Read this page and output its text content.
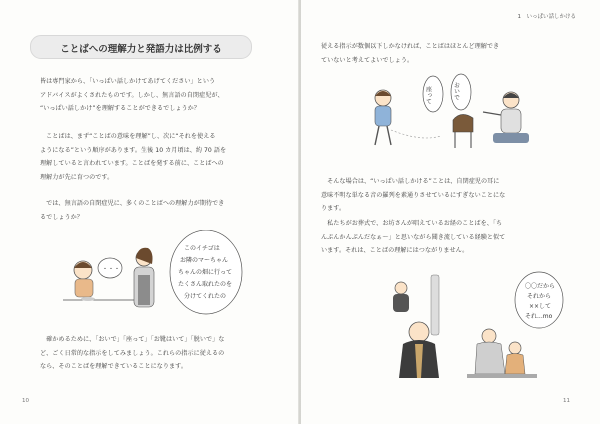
ことばへの理解力と発語力は比例する
皆は専門家から、「いっぱい話しかけてあげてください」という
アドバイスがよくされたものです。しかし、無言語の自閉症児が、
“いっぱい話しかけ”を理解することができるでしょうか？
　ことばは、まず“ことばの意味を理解”し、次に“それを使える
ようになる”という順序があります。生後 10 カ月頃は、約 70 語を
理解していると言われています。ことばを発する前に、ことばへの
理解力が先に育つのです。
　では、無言語の自閉症児に、多くのことばへの理解力が期待でき
るでしょうか？
・・・
このイチゴは
お隣のマーちゃん
ちゃんの畑に行って
たくさん取れたのを
分けてくれたの
　確かめるために、「おいで」「座って」「お靴はいて」「脱いで」な
ど、ごく日常的な指示をしてみましょう。これらの指示に従えるの
なら、そのことばを理解できていることになります。
10
1　いっぱい話しかける
従える指示が数個以下しかなければ、ことばはほとんど理解でき
ていないと考えてよいでしょう。
座って	おいで
　そんな場合は、“いっぱい話しかける”ことは、自閉症児の耳に
意味不明な単なる音の羅列を素通りさせているにすぎないことにな
ります。
　私たちがお葬式で、お坊さんが唱えているお経のことばを、「ち
んぷんかんぷんだなぁ～」と思いながら聞き流している経験と似て
います。それは、ことばの理解にはつながりません。
〇〇だから
それから
××して
それ...mo
11
